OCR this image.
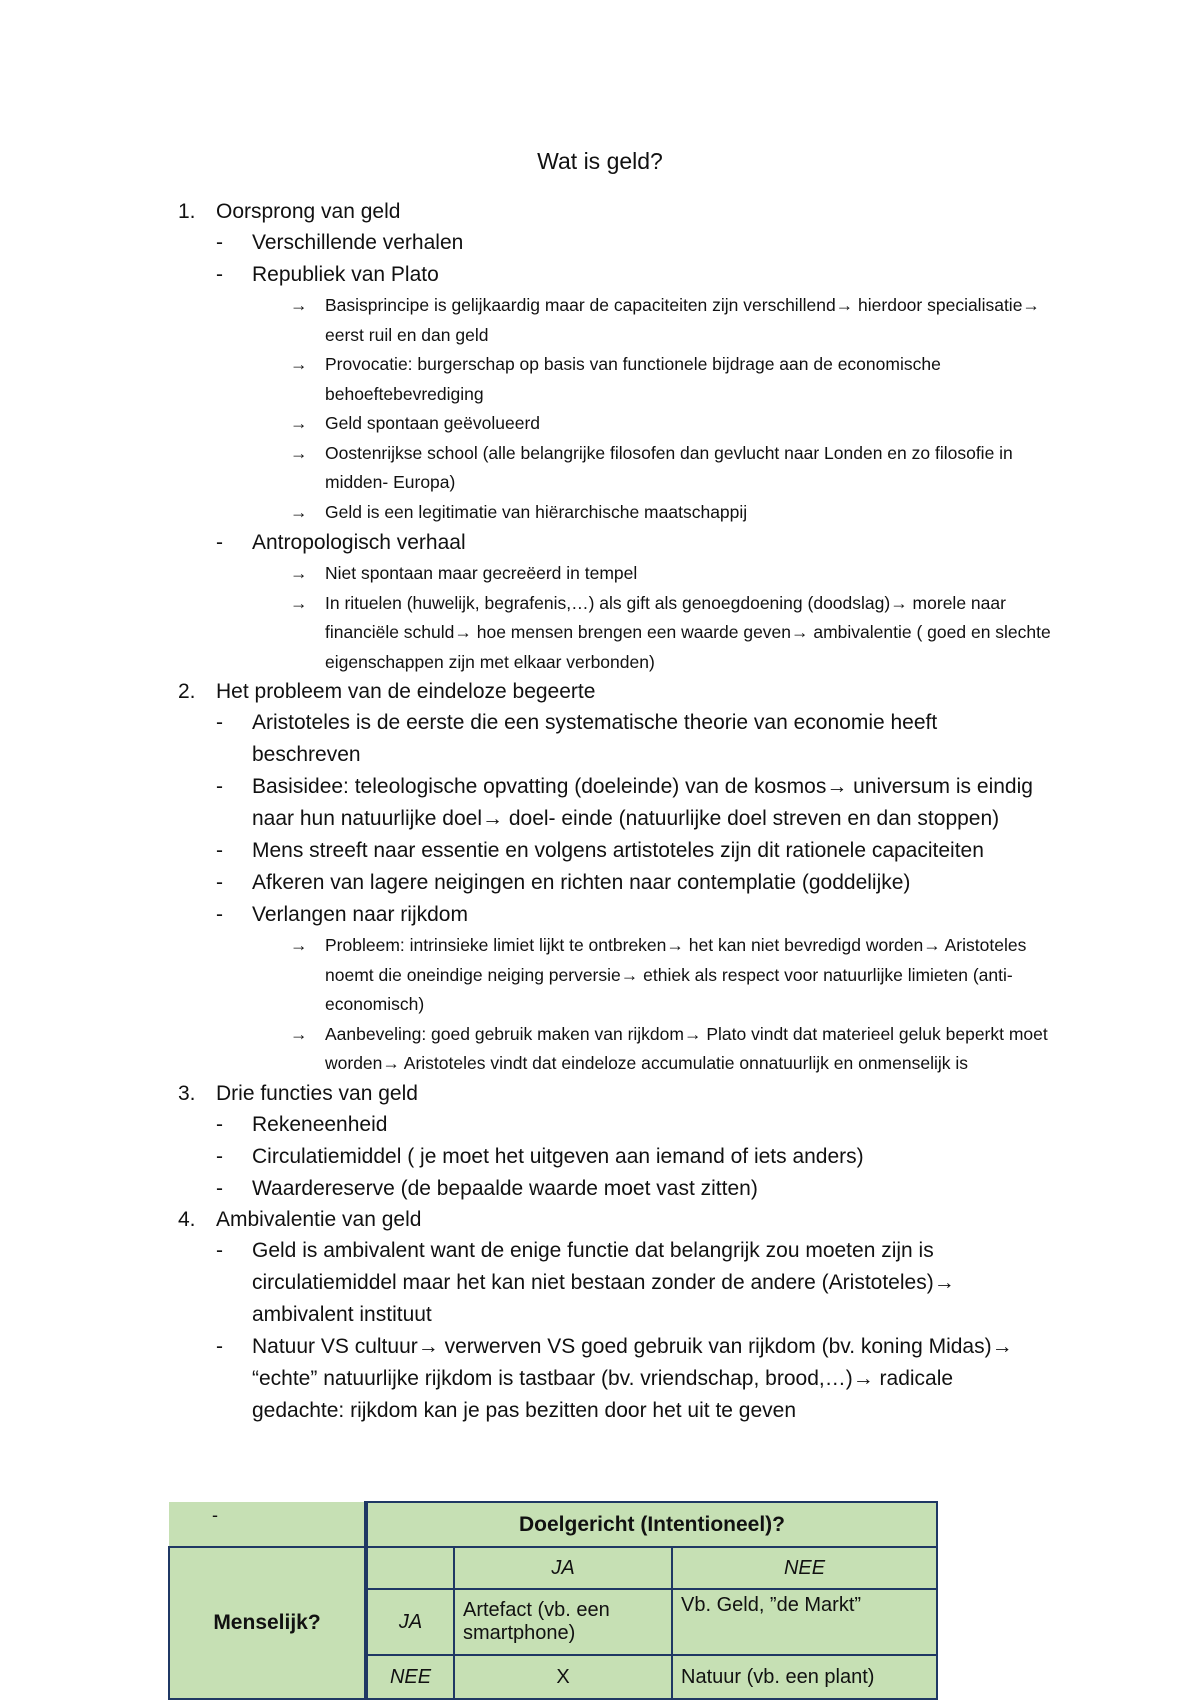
Wat is geld?
1. Oorsprong van geld
- Verschillende verhalen
- Republiek van Plato
→ Basisprincipe is gelijkaardig maar de capaciteiten zijn verschillend→ hierdoor specialisatie→ eerst ruil en dan geld
→ Provocatie: burgerschap op basis van functionele bijdrage aan de economische behoeftebevrediging
→ Geld spontaan geëvolueerd
→ Oostenrijkse school (alle belangrijke filosofen dan gevlucht naar Londen en zo filosofie in midden- Europa)
→ Geld is een legitimatie van hiërarchische maatschappij
- Antropologisch verhaal
→ Niet spontaan maar gecreëerd in tempel
→ In rituelen (huwelijk, begrafenis,…) als gift als genoegdoening (doodslag)→ morele naar financiële schuld→ hoe mensen brengen een waarde geven→ ambivalentie ( goed en slechte eigenschappen zijn met elkaar verbonden)
2. Het probleem van de eindeloze begeerte
- Aristoteles is de eerste die een systematische theorie van economie heeft beschreven
- Basisidee: teleologische opvatting (doeleinde) van de kosmos→ universum is eindig naar hun natuurlijke doel→ doel- einde (natuurlijke doel streven en dan stoppen)
- Mens streeft naar essentie en volgens artistoteles zijn dit rationele capaciteiten
- Afkeren van lagere neigingen en richten naar contemplatie (goddelijke)
- Verlangen naar rijkdom
→ Probleem: intrinsieke limiet lijkt te ontbreken→ het kan niet bevredigd worden→ Aristoteles noemt die oneindige neiging perversie→ ethiek als respect voor natuurlijke limieten (anti- economisch)
→ Aanbeveling: goed gebruik maken van rijkdom→ Plato vindt dat materieel geluk beperkt moet worden→ Aristoteles vindt dat eindeloze accumulatie onnatuurlijk en onmenselijk is
3. Drie functies van geld
- Rekeneenheid
- Circulatiemiddel ( je moet het uitgeven aan iemand of iets anders)
- Waardereserve (de bepaalde waarde moet vast zitten)
4. Ambivalentie van geld
- Geld is ambivalent want de enige functie dat belangrijk zou moeten zijn is circulatiemiddel maar het kan niet bestaan zonder de andere (Aristoteles)→ ambivalent instituut
- Natuur VS cultuur→ verwerven VS goed gebruik van rijkdom (bv. koning Midas)→ “echte” natuurlijke rijkdom is tastbaar (bv. vriendschap, brood,…)→ radicale gedachte: rijkdom kan je pas bezitten door het uit te geven
-
		Doelgericht (Intentioneel)?		
Menselijk?		JA	NEE
	JA	Artefact (vb. een smartphone)	Vb. Geld, ”de Markt”
	NEE	X	Natuur (vb. een plant)
